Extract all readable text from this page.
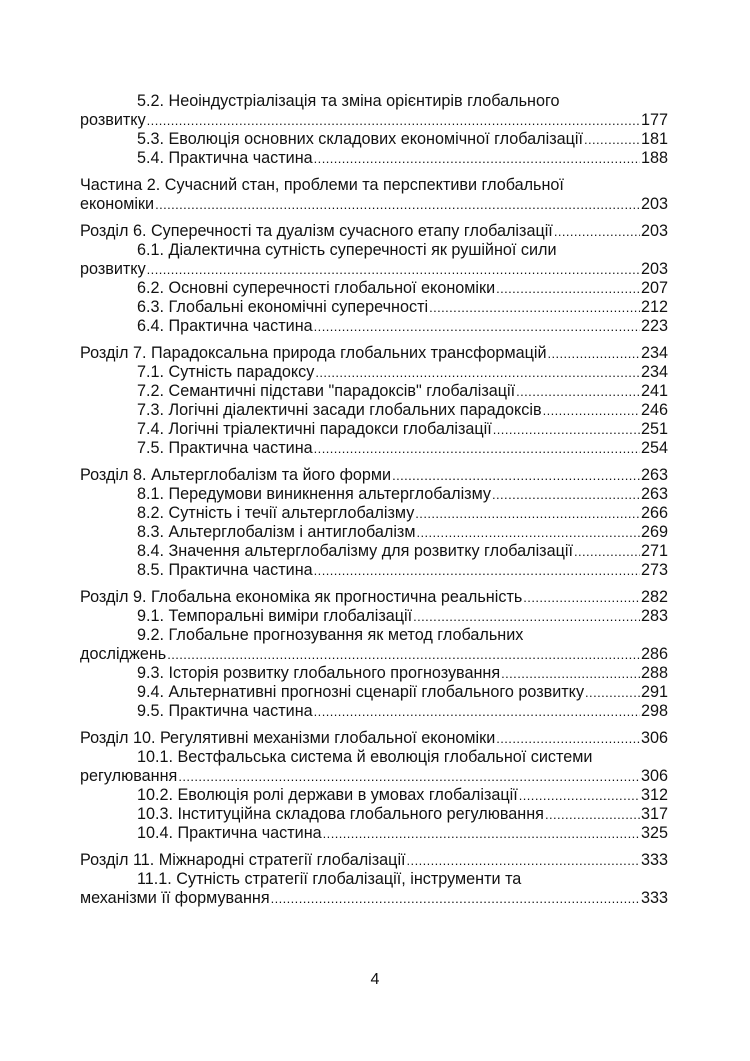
5.2. Неоіндустріалізація та зміна орієнтирів глобального
розвитку .....	177
5.3. Еволюція основних складових економічної глобалізації .....	181
5.4. Практична частина .....	188
Частина 2. Сучасний стан, проблеми та перспективи глобальної
економіки .....	203
Розділ 6. Суперечності та дуалізм сучасного етапу глобалізації .....	203
6.1. Діалектична сутність суперечності як рушійної сили
розвитку .....	203
6.2. Основні суперечності глобальної економіки .....	207
6.3. Глобальні економічні суперечності .....	212
6.4. Практична частина .....	223
Розділ 7. Парадоксальна природа глобальних трансформацій .....	234
7.1. Сутність парадоксу .....	234
7.2. Семантичні підстави "парадоксів" глобалізації .....	241
7.3. Логічні діалектичні засади глобальних парадоксів .....	246
7.4. Логічні тріалектичні парадокси глобалізації .....	251
7.5. Практична частина .....	254
Розділ 8. Альтерглобалізм та його форми .....	263
8.1. Передумови виникнення альтерглобалізму .....	263
8.2. Сутність і течії альтерглобалізму .....	266
8.3. Альтерглобалізм і антиглобалізм .....	269
8.4. Значення альтерглобалізму для розвитку глобалізації .....	271
8.5. Практична частина .....	273
Розділ 9. Глобальна економіка як прогностична реальність .....	282
9.1. Темпоральні виміри глобалізації .....	283
9.2. Глобальне прогнозування як метод глобальних
досліджень .....	286
9.3. Історія розвитку глобального прогнозування .....	288
9.4. Альтернативні прогнозні сценарії глобального розвитку .....	291
9.5. Практична частина .....	298
Розділ 10. Регулятивні механізми глобальної економіки .....	306
10.1. Вестфальська система й еволюція глобальної системи
регулювання .....	306
10.2. Еволюція ролі держави в умовах глобалізації .....	312
10.3. Інституційна складова глобального регулювання .....	317
10.4. Практична частина .....	325
Розділ 11. Міжнародні стратегії глобалізації .....	333
11.1. Сутність стратегії глобалізації, інструменти та
механізми її формування .....	333
4
